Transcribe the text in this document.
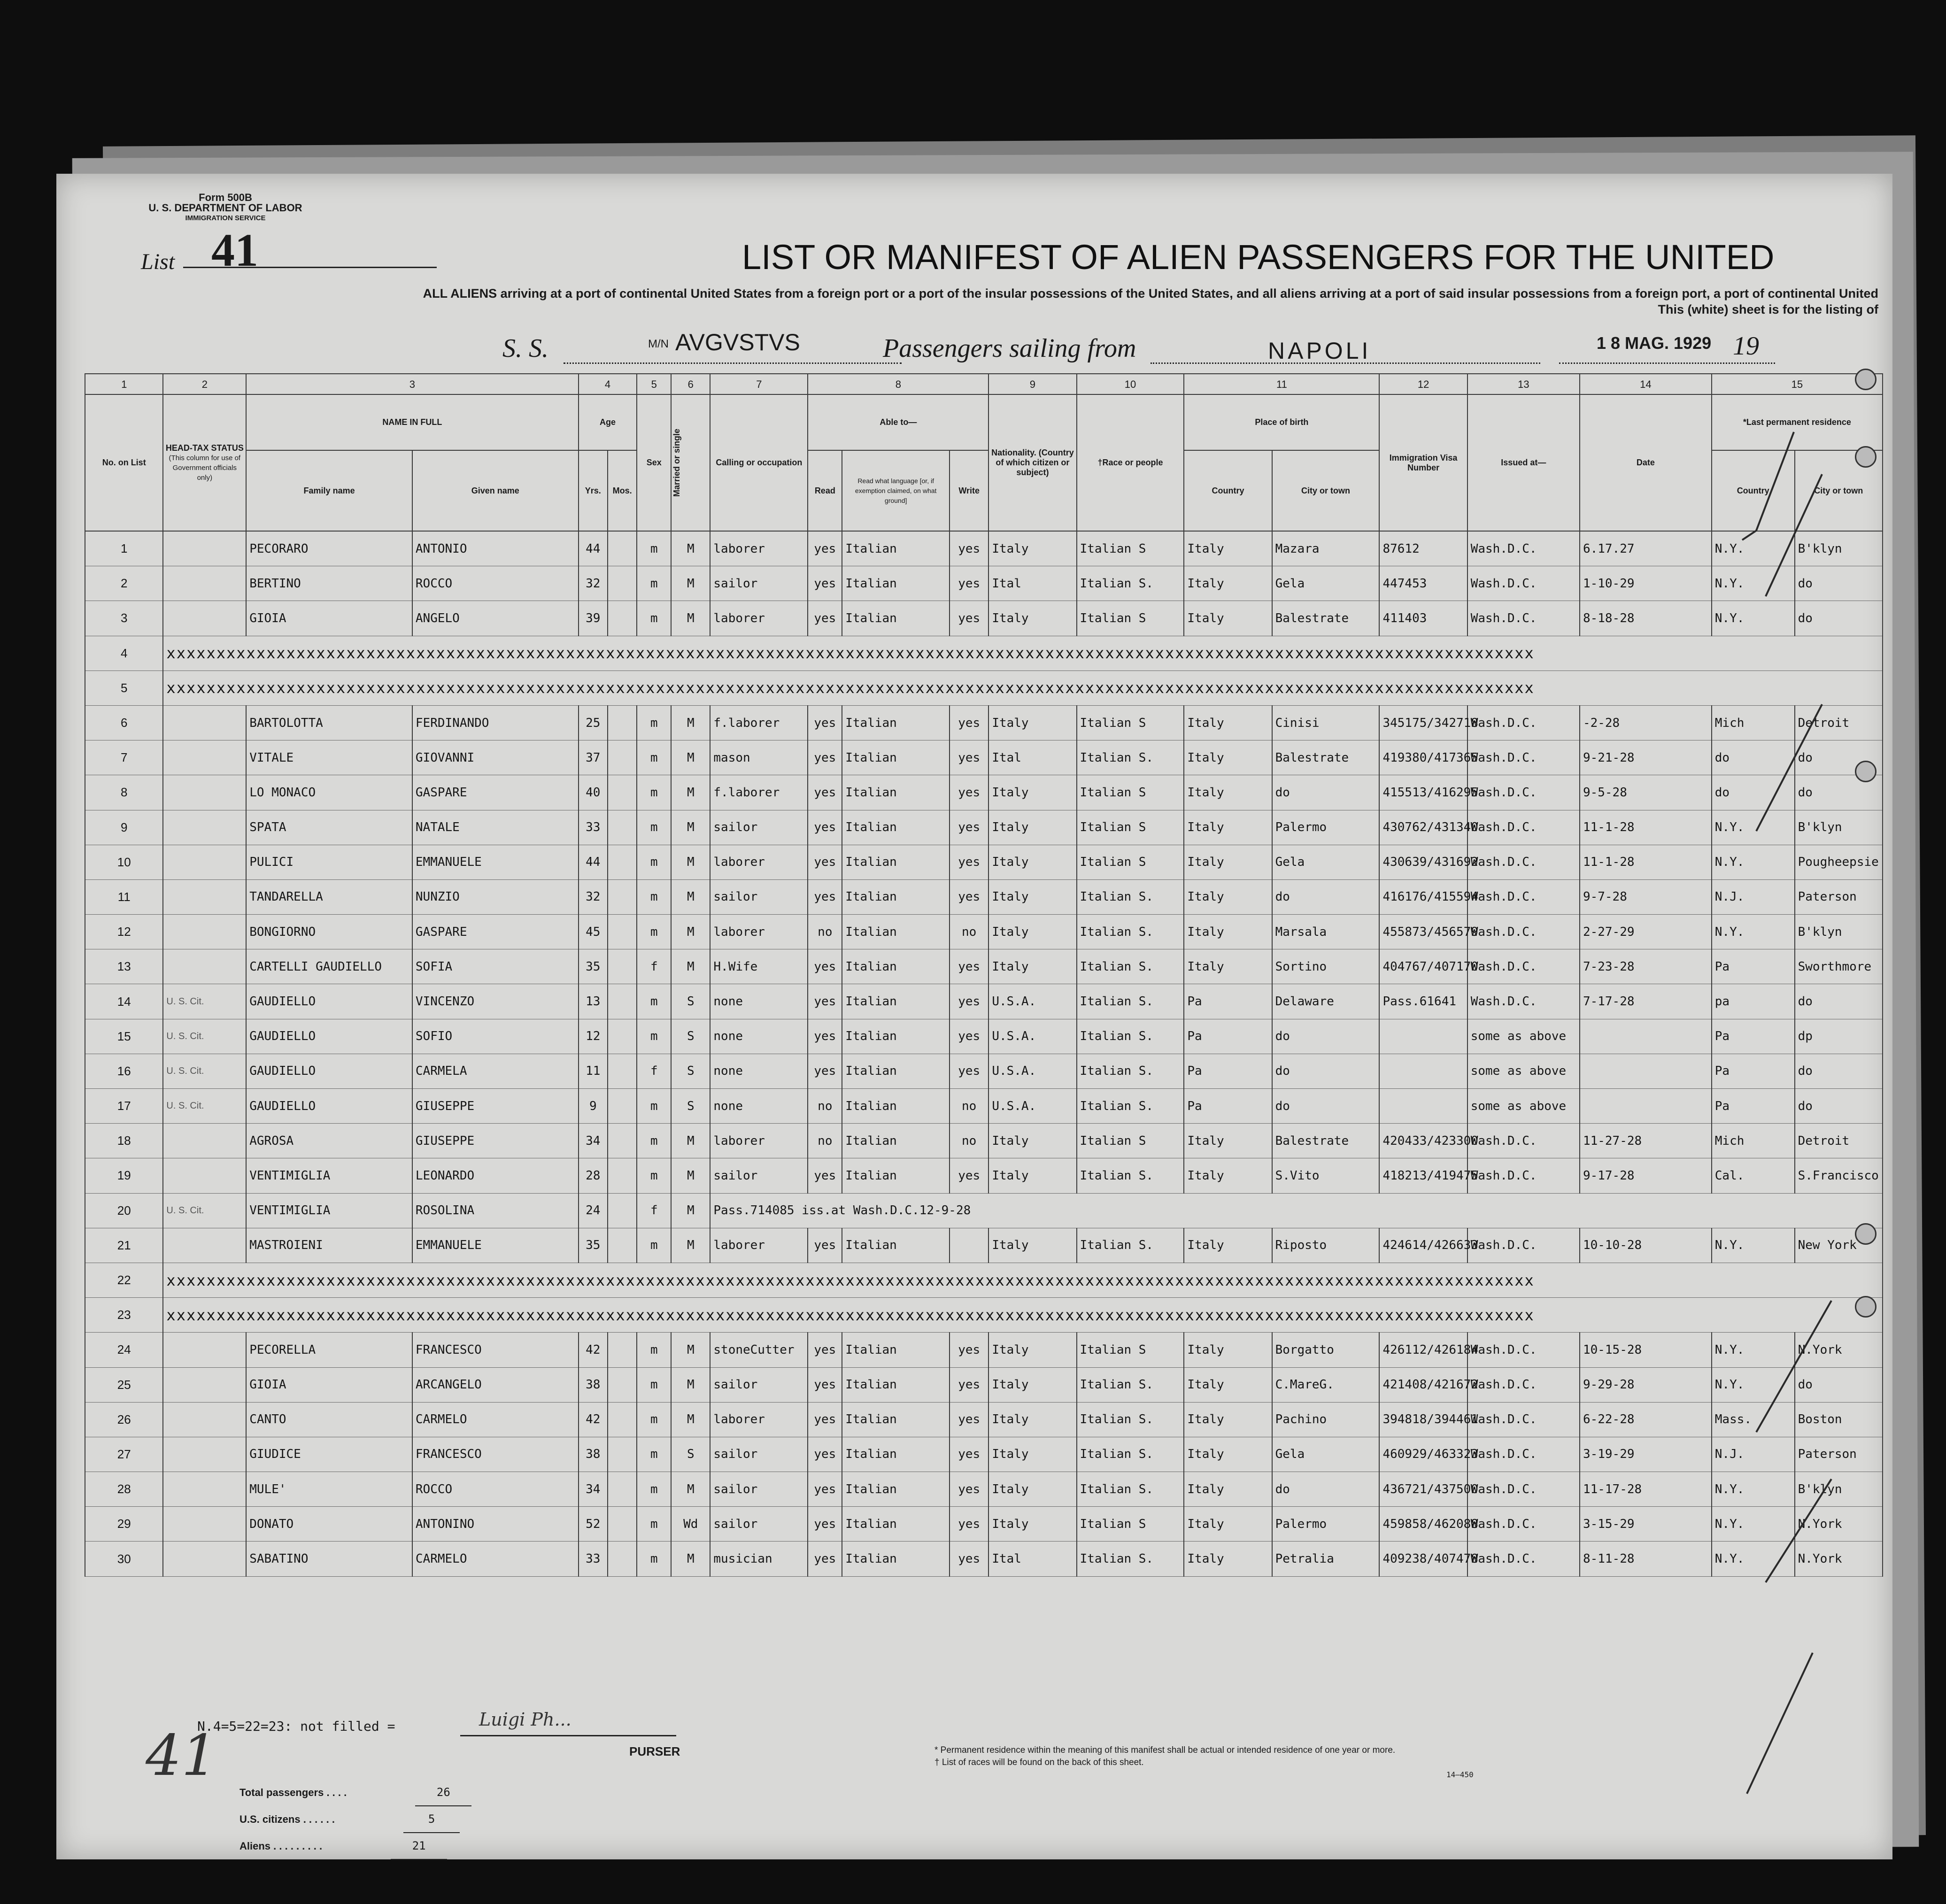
Form 500B
U. S. DEPARTMENT OF LABOR
IMMIGRATION SERVICE
List 41	LIST OR MANIFEST OF ALIEN PASSENGERS FOR THE UNITED
ALL ALIENS arriving at a port of continental United States from a foreign port or a port of the insular possessions of the United States, and all aliens arriving at a port of said insular possessions from a foreign port, a port of continental United
This (white) sheet is for the listing of
S. S.	M/N AVGVSTVS	Passengers sailing from	NAPOLI	1 8 MAG. 1929 19
1	2	3		4		5	6	7	8			9	10	11		12	13	14	15	
No. on List	HEAD-TAX STATUS
(This column for use of Government officials only)	NAME IN FULL		Age		Sex	Married or single	Calling or occupation	Able to—			Nationality. (Country of which citizen or subject)	†Race or people	Place of birth		Immigration Visa Number	Issued at—	Date	*Last permanent residence	
		Family name	Given name	Yrs.	Mos.				Read	Read what language [or, if exemption claimed, on what ground]	Write			Country	City or town				Country	City or town
1		PECORARO	ANTONIO	44		m	M	laborer	yes	Italian	yes	Italy	Italian S	Italy	Mazara	87612	Wash.D.C.	6.17.27	N.Y.	B'klyn
2		BERTINO	ROCCO	32		m	M	sailor	yes	Italian	yes	Ital	Italian S.	Italy	Gela	447453	Wash.D.C.	1-10-29	N.Y.	do
3		GIOIA	ANGELO	39		m	M	laborer	yes	Italian	yes	Italy	Italian S	Italy	Balestrate	411403	Wash.D.C.	8-18-28	N.Y.	do
4	xxxxxxxxxxxxxxxxxxxxxxxxxxxxxxxxxxxxxxxxxxxxxxxxxxxxxxxxxxxxxxxxxxxxxxxxxxxxxxxxxxxxxxxxxxxxxxxxxxxxxxxxxxxxxxxxxxxxxxxxxxxxxxxxxxxxxxxxx																			
5	xxxxxxxxxxxxxxxxxxxxxxxxxxxxxxxxxxxxxxxxxxxxxxxxxxxxxxxxxxxxxxxxxxxxxxxxxxxxxxxxxxxxxxxxxxxxxxxxxxxxxxxxxxxxxxxxxxxxxxxxxxxxxxxxxxxxxxxxx																			
6		BARTOLOTTA	FERDINANDO	25		m	M	f.laborer	yes	Italian	yes	Italy	Italian S	Italy	Cinisi	345175/342718	Wash.D.C.	-2-28	Mich	Detroit
7		VITALE	GIOVANNI	37		m	M	mason	yes	Italian	yes	Ital	Italian S.	Italy	Balestrate	419380/417365	Wash.D.C.	9-21-28	do	do
8		LO MONACO	GASPARE	40		m	M	f.laborer	yes	Italian	yes	Italy	Italian S	Italy	do	415513/416295	Wash.D.C.	9-5-28	do	do
9		SPATA	NATALE	33		m	M	sailor	yes	Italian	yes	Italy	Italian S	Italy	Palermo	430762/431340	Wash.D.C.	11-1-28	N.Y.	B'klyn
10		PULICI	EMMANUELE	44		m	M	laborer	yes	Italian	yes	Italy	Italian S	Italy	Gela	430639/431692	Wash.D.C.	11-1-28	N.Y.	Pougheepsie
11		TANDARELLA	NUNZIO	32		m	M	sailor	yes	Italian	yes	Italy	Italian S.	Italy	do	416176/415594	Wash.D.C.	9-7-28	N.J.	Paterson
12		BONGIORNO	GASPARE	45		m	M	laborer	no	Italian	no	Italy	Italian S.	Italy	Marsala	455873/456579	Wash.D.C.	2-27-29	N.Y.	B'klyn
13		CARTELLI GAUDIELLO	SOFIA	35		f	M	H.Wife	yes	Italian	yes	Italy	Italian S.	Italy	Sortino	404767/407170	Wash.D.C.	7-23-28	Pa	Sworthmore
14	U. S. Cit.	GAUDIELLO	VINCENZO	13		m	S	none	yes	Italian	yes	U.S.A.	Italian S.	Pa	Delaware	Pass.61641	Wash.D.C.	7-17-28	pa	do
15	U. S. Cit.	GAUDIELLO	SOFIO	12		m	S	none	yes	Italian	yes	U.S.A.	Italian S.	Pa	do		some as above		Pa	dp
16	U. S. Cit.	GAUDIELLO	CARMELA	11		f	S	none	yes	Italian	yes	U.S.A.	Italian S.	Pa	do		some as above		Pa	do
17	U. S. Cit.	GAUDIELLO	GIUSEPPE	9		m	S	none	no	Italian	no	U.S.A.	Italian S.	Pa	do		some as above		Pa	do
18		AGROSA	GIUSEPPE	34		m	M	laborer	no	Italian	no	Italy	Italian S	Italy	Balestrate	420433/423300	Wash.D.C.	11-27-28	Mich	Detroit
19		VENTIMIGLIA	LEONARDO	28		m	M	sailor	yes	Italian	yes	Italy	Italian S.	Italy	S.Vito	418213/419475	Wash.D.C.	9-17-28	Cal.	S.Francisco
20	U. S. Cit.	VENTIMIGLIA	ROSOLINA	24		f	M	Pass.714085 iss.at Wash.D.C.12-9-28												
21		MASTROIENI	EMMANUELE	35		m	M	laborer	yes	Italian		Italy	Italian S.	Italy	Riposto	424614/426633	Wash.D.C.	10-10-28	N.Y.	New York
22	xxxxxxxxxxxxxxxxxxxxxxxxxxxxxxxxxxxxxxxxxxxxxxxxxxxxxxxxxxxxxxxxxxxxxxxxxxxxxxxxxxxxxxxxxxxxxxxxxxxxxxxxxxxxxxxxxxxxxxxxxxxxxxxxxxxxxxxxx																			
23	xxxxxxxxxxxxxxxxxxxxxxxxxxxxxxxxxxxxxxxxxxxxxxxxxxxxxxxxxxxxxxxxxxxxxxxxxxxxxxxxxxxxxxxxxxxxxxxxxxxxxxxxxxxxxxxxxxxxxxxxxxxxxxxxxxxxxxxxx																			
24		PECORELLA	FRANCESCO	42		m	M	stoneCutter	yes	Italian	yes	Italy	Italian S	Italy	Borgatto	426112/426184	Wash.D.C.	10-15-28	N.Y.	N.York
25		GIOIA	ARCANGELO	38		m	M	sailor	yes	Italian	yes	Italy	Italian S.	Italy	C.MareG.	421408/421672	Wash.D.C.	9-29-28	N.Y.	do
26		CANTO	CARMELO	42		m	M	laborer	yes	Italian	yes	Italy	Italian S.	Italy	Pachino	394818/394461	Wash.D.C.	6-22-28	Mass.	Boston
27		GIUDICE	FRANCESCO	38		m	S	sailor	yes	Italian	yes	Italy	Italian S.	Italy	Gela	460929/463323	Wash.D.C.	3-19-29	N.J.	Paterson
28		MULE'	ROCCO	34		m	M	sailor	yes	Italian	yes	Italy	Italian S.	Italy	do	436721/437500	Wash.D.C.	11-17-28	N.Y.	B'klyn
29		DONATO	ANTONINO	52		m	Wd	sailor	yes	Italian	yes	Italy	Italian S	Italy	Palermo	459858/462088	Wash.D.C.	3-15-29	N.Y.	N.York
30		SABATINO	CARMELO	33		m	M	musician	yes	Italian	yes	Ital	Italian S.	Italy	Petralia	409238/407478	Wash.D.C.	8-11-28	N.Y.	N.York
N.4=5=22=23: not filled =	Luigi Ph...
PURSER
Total passengers . . . .	26
U.S. citizens . . . . . .	5
Aliens . . . . . . . . .	21
* Permanent residence within the meaning of this manifest shall be actual or intended residence of one year or more.
† List of races will be found on the back of this sheet.
14—450
41
